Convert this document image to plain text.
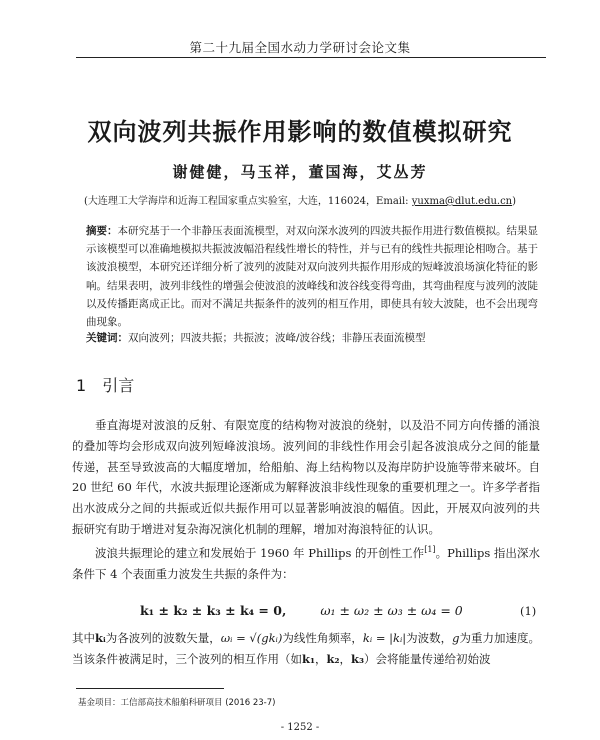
第二十九届全国水动力学研讨会论文集
双向波列共振作用影响的数值模拟研究
谢健健，马玉祥，董国海，艾丛芳
(大连理工大学海岸和近海工程国家重点实验室，大连，116024，Email: yuxma@dlut.edu.cn)
摘要：本研究基于一个非静压表面流模型，对双向深水波列的四波共振作用进行数值模拟。结果显示该模型可以准确地模拟共振波波幅沿程线性增长的特性，并与已有的线性共振理论相吻合。基于该波浪模型，本研究还详细分析了波列的波陡对双向波列共振作用形成的短峰波浪场演化特征的影响。结果表明，波列非线性的增强会使波浪的波峰线和波谷线变得弯曲，其弯曲程度与波列的波陡以及传播距离成正比。而对不满足共振条件的波列的相互作用，即使具有较大波陡，也不会出现弯曲现象。
关键词：双向波列；四波共振；共振波；波峰/波谷线；非静压表面流模型
1 引言
垂直海堤对波浪的反射、有限宽度的结构物对波浪的绕射，以及沿不同方向传播的涌浪的叠加等均会形成双向波列短峰波浪场。波列间的非线性作用会引起各波浪成分之间的能量传递，甚至导致波高的大幅度增加，给船舶、海上结构物以及海岸防护设施等带来破坏。自 20 世纪 60 年代，水波共振理论逐渐成为解释波浪非线性现象的重要机理之一。许多学者指出水波成分之间的共振或近似共振作用可以显著影响波浪的幅值。因此，开展双向波列的共振研究有助于增进对复杂海况演化机制的理解，增加对海浪特征的认识。
波浪共振理论的建立和发展始于 1960 年 Phillips 的开创性工作[1]。Phillips 指出深水条件下 4 个表面重力波发生共振的条件为：
k₁ ± k₂ ± k₃ ± k₄ = 0,	ω₁ ± ω₂ ± ω₃ ± ω₄ = 0	(1)
其中kᵢ为各波列的波数矢量，ωᵢ = √(gkᵢ)为线性角频率，kᵢ = |kᵢ|为波数，g为重力加速度。当该条件被满足时，三个波列的相互作用（如k₁，k₂，k₃）会将能量传递给初始波
基金项目：工信部高技术船舶科研项目 (2016 23-7)
- 1252 -
